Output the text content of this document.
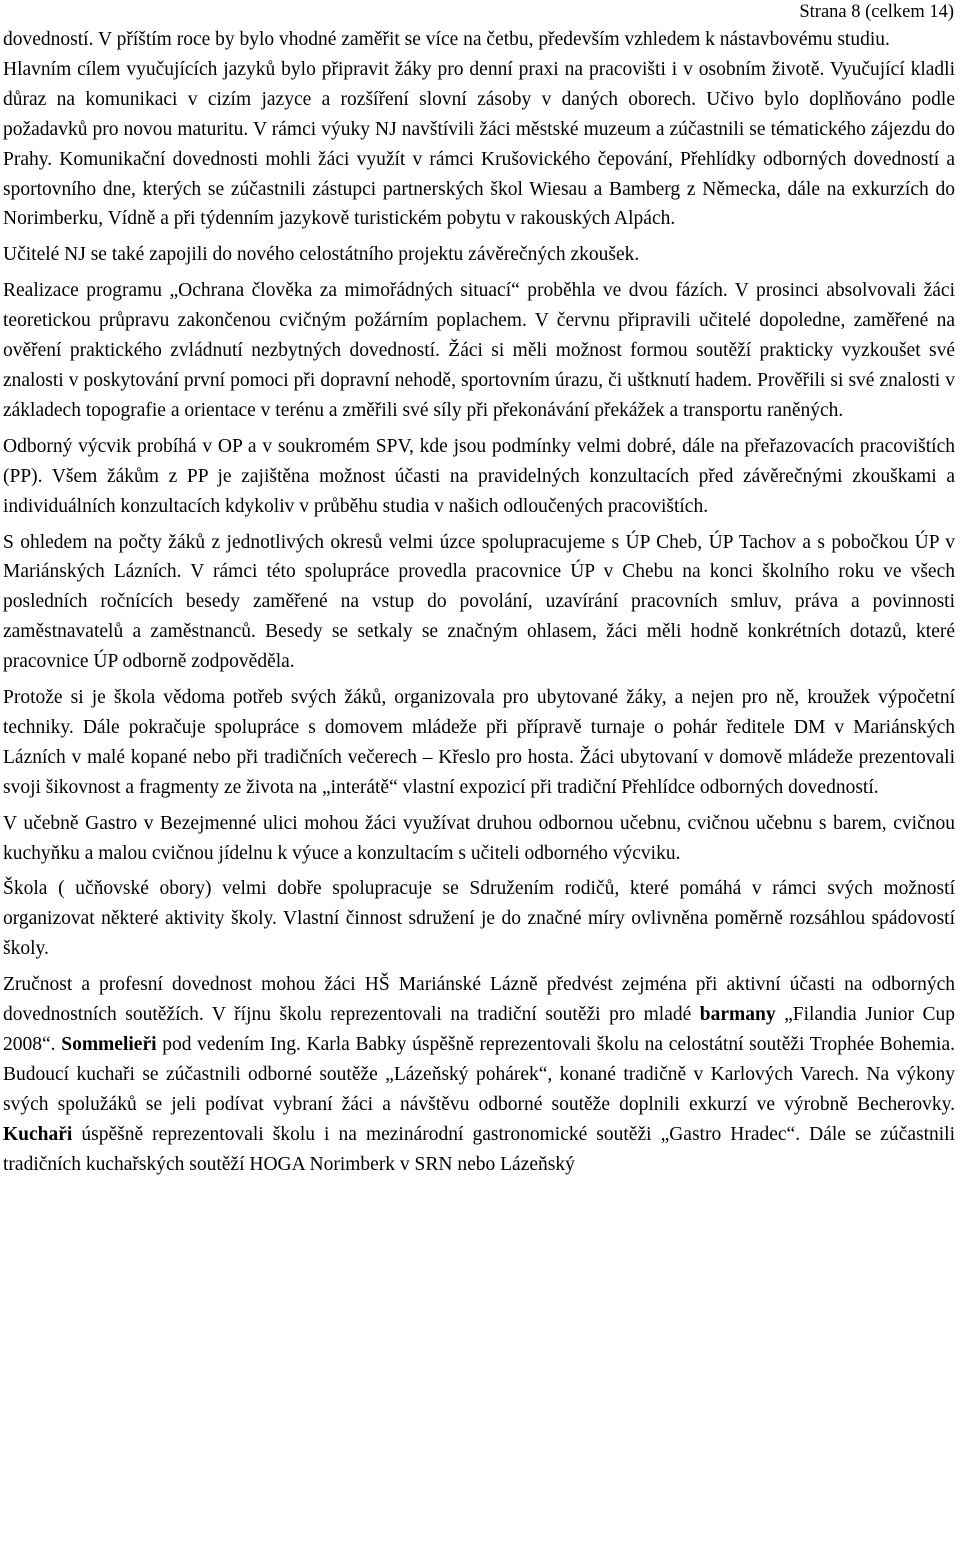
Strana 8 (celkem 14)

dovedností. V příštím roce by bylo vhodné zaměřit se více na četbu, především vzhledem k nástavbovému studiu.

Hlavním cílem vyučujících jazyků bylo připravit žáky pro denní praxi na pracovišti i v osobním životě. Vyučující kladli důraz na komunikaci v cizím jazyce a rozšíření slovní zásoby v daných oborech. Učivo bylo doplňováno podle požadavků pro novou maturitu. V rámci výuky NJ navštívili žáci městské muzeum a zúčastnili se tématického zájezdu do Prahy. Komunikační dovednosti mohli žáci využít v rámci Krušovického čepování, Přehlídky odborných dovedností a sportovního dne, kterých se zúčastnili zástupci partnerských škol Wiesau a Bamberg z Německa, dále na exkurzích do Norimberku, Vídně a při týdenním jazykově turistickém pobytu v rakouských Alpách.

Učitelé NJ se také zapojili do nového celostátního projektu závěrečných zkoušek.

Realizace programu „Ochrana člověka za mimořádných situací“ proběhla ve dvou fázích. V prosinci absolvovali žáci teoretickou průpravu zakončenou cvičným požárním poplachem. V červnu připravili učitelé dopoledne, zaměřené na ověření praktického zvládnutí nezbytných dovedností. Žáci si měli možnost formou soutěží prakticky vyzkoušet své znalosti v poskytování první pomoci při dopravní nehodě, sportovním úrazu, či uštknutí hadem. Prověřili si své znalosti v základech topografie a orientace v terénu a změřili své síly při překonávání překážek a transportu raněných.

Odborný výcvik probíhá v OP a v soukromém SPV, kde jsou podmínky velmi dobré, dále na přeřazovacích pracovištích (PP). Všem žákům z PP je zajištěna možnost účasti na pravidelných konzultacích před závěrečnými zkouškami a individuálních konzultacích kdykoliv v průběhu studia v našich odloučených pracovištích.

S ohledem na počty žáků z jednotlivých okresů velmi úzce spolupracujeme s ÚP Cheb, ÚP Tachov a s pobočkou ÚP v Mariánských Lázních. V rámci této spolupráce provedla pracovnice ÚP v Chebu na konci školního roku ve všech posledních ročnících besedy zaměřené na vstup do povolání, uzavírání pracovních smluv, práva a povinnosti zaměstnavatelů a zaměstnanců. Besedy se setkaly se značným ohlasem, žáci měli hodně konkrétních dotazů, které pracovnice ÚP odborně zodpověděla.

Protože si je škola vědoma potřeb svých žáků, organizovala pro ubytované žáky, a nejen pro ně, kroužek výpočetní techniky. Dále pokračuje spolupráce s domovem mládeže při přípravě turnaje o pohár ředitele DM v Mariánských Lázních v malé kopané nebo při tradičních večerech – Křeslo pro hosta. Žáci ubytovaní v domově mládeže prezentovali svoji šikovnost a fragmenty ze života na „interátě“ vlastní expozicí při tradiční Přehlídce odborných dovedností.

V učebně Gastro v Bezejmenné ulici mohou žáci využívat druhou odbornou učebnu, cvičnou učebnu s barem, cvičnou kuchyňku a malou cvičnou jídelnu k výuce a konzultacím s učiteli odborného výcviku.

Škola ( učňovské obory) velmi dobře spolupracuje se Sdružením rodičů, které pomáhá v rámci svých možností organizovat některé aktivity školy. Vlastní činnost sdružení je do značné míry ovlivněna poměrně rozsáhlou spádovostí školy.

Zručnost a profesní dovednost mohou žáci HŠ Mariánské Lázně předvést zejména při aktivní účasti na odborných dovednostních soutěžích. V říjnu školu reprezentovali na tradiční soutěži pro mladé barmany „Filandia Junior Cup 2008“. Sommelieři pod vedením Ing. Karla Babky úspěšně reprezentovali školu na celostátní soutěži Trophée Bohemia. Budoucí kuchaři se zúčastnili odborné soutěže „Lázeňský pohárek“, konané tradičně v Karlových Varech. Na výkony svých spolužáků se jeli podívat vybraní žáci a návštěvu odborné soutěže doplnili exkurzí ve výrobně Becherovky. Kuchaři úspěšně reprezentovali školu i na mezinárodní gastronomické soutěži „Gastro Hradec“. Dále se zúčastnili tradičních kuchařských soutěží HOGA Norimberk v SRN nebo Lázeňský
